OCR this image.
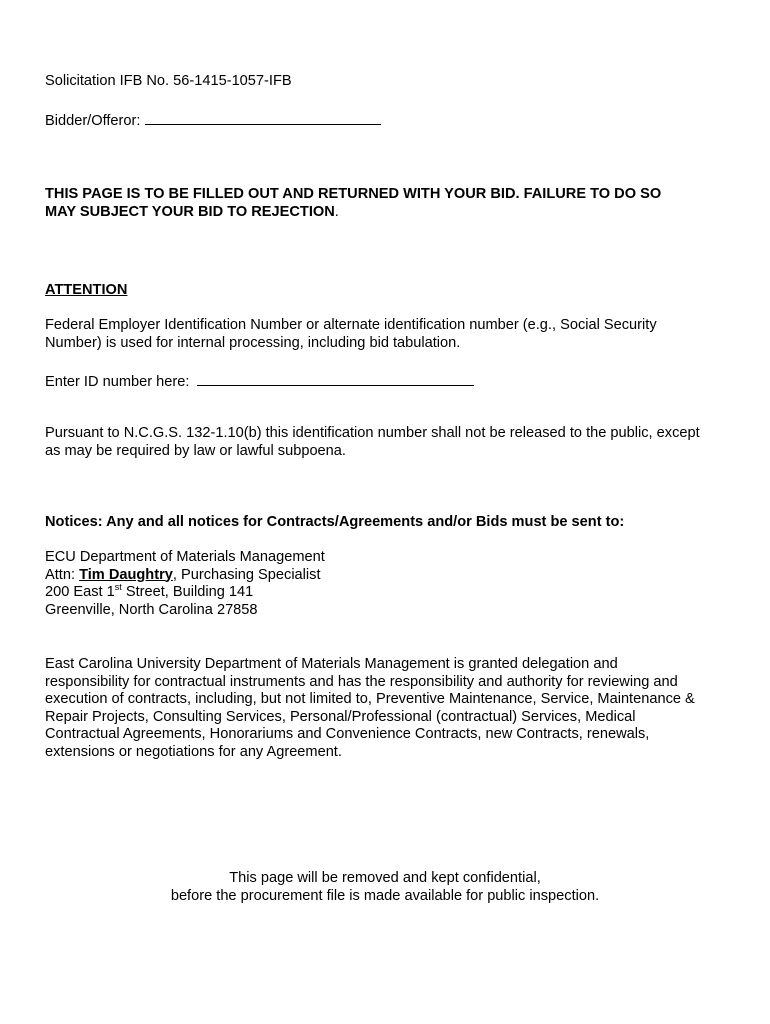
Solicitation IFB No. 56-1415-1057-IFB

Bidder/Offeror:

THIS PAGE IS TO BE FILLED OUT AND RETURNED WITH YOUR BID. FAILURE TO DO SO
MAY SUBJECT YOUR BID TO REJECTION.

ATTENTION

Federal Employer Identification Number or alternate identification number (e.g., Social Security
Number) is used for internal processing, including bid tabulation.

Enter ID number here:

Pursuant to N.C.G.S. 132-1.10(b) this identification number shall not be released to the public, except
as may be required by law or lawful subpoena.

Notices: Any and all notices for Contracts/Agreements and/or Bids must be sent to:

ECU Department of Materials Management
Attn: Tim Daughtry, Purchasing Specialist
200 East 1st Street, Building 141
Greenville, North Carolina 27858
East Carolina University Department of Materials Management is granted delegation and
responsibility for contractual instruments and has the responsibility and authority for reviewing and
execution of contracts, including, but not limited to, Preventive Maintenance, Service, Maintenance &
Repair Projects, Consulting Services, Personal/Professional (contractual) Services, Medical
Contractual Agreements, Honorariums and Convenience Contracts, new Contracts, renewals,
extensions or negotiations for any Agreement.
This page will be removed and kept confidential,
before the procurement file is made available for public inspection.
